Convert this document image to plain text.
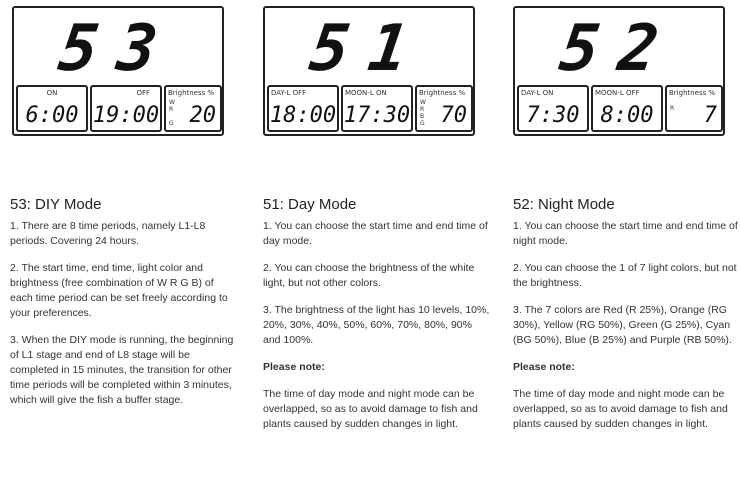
53
ON
6:00
OFF
19:00
Brightness %
W
R

G 20
51
DAY-L OFF
18:00
MOON-L ON
17:30
Brightness %
W
R
B
G 70
52
DAY-L ON
7:30
MOON-L OFF
8:00
Brightness %
R 7
53: DIY Mode

1. There are 8 time periods, namely L1-L8 periods. Covering 24 hours.

2. The start time, end time, light color and brightness (free combination of W R G B) of each time period can be set freely according to your preferences.

3. When the DIY mode is running, the beginning of L1 stage and end of L8 stage will be completed in 15 minutes, the transition for other time periods will be completed within 3 minutes, which will give the fish a buffer stage.

51: Day Mode

1. You can choose the start time and end time of day mode.

2. You can choose the brightness of the white light, but not other colors.

3. The brightness of the light has 10 levels, 10%, 20%, 30%, 40%, 50%, 60%, 70%, 80%, 90% and 100%.

Please note:

The time of day mode and night mode can be overlapped, so as to avoid damage to fish and plants caused by sudden changes in light.

52: Night Mode

1. You can choose the start time and end time of night mode.

2. You can choose the 1 of 7 light colors, but not the brightness.

3. The 7 colors are Red (R 25%), Orange (RG 30%), Yellow (RG 50%), Green (G 25%), Cyan (BG 50%), Blue (B 25%) and Purple (RB 50%).

Please note:

The time of day mode and night mode can be overlapped, so as to avoid damage to fish and plants caused by sudden changes in light.
